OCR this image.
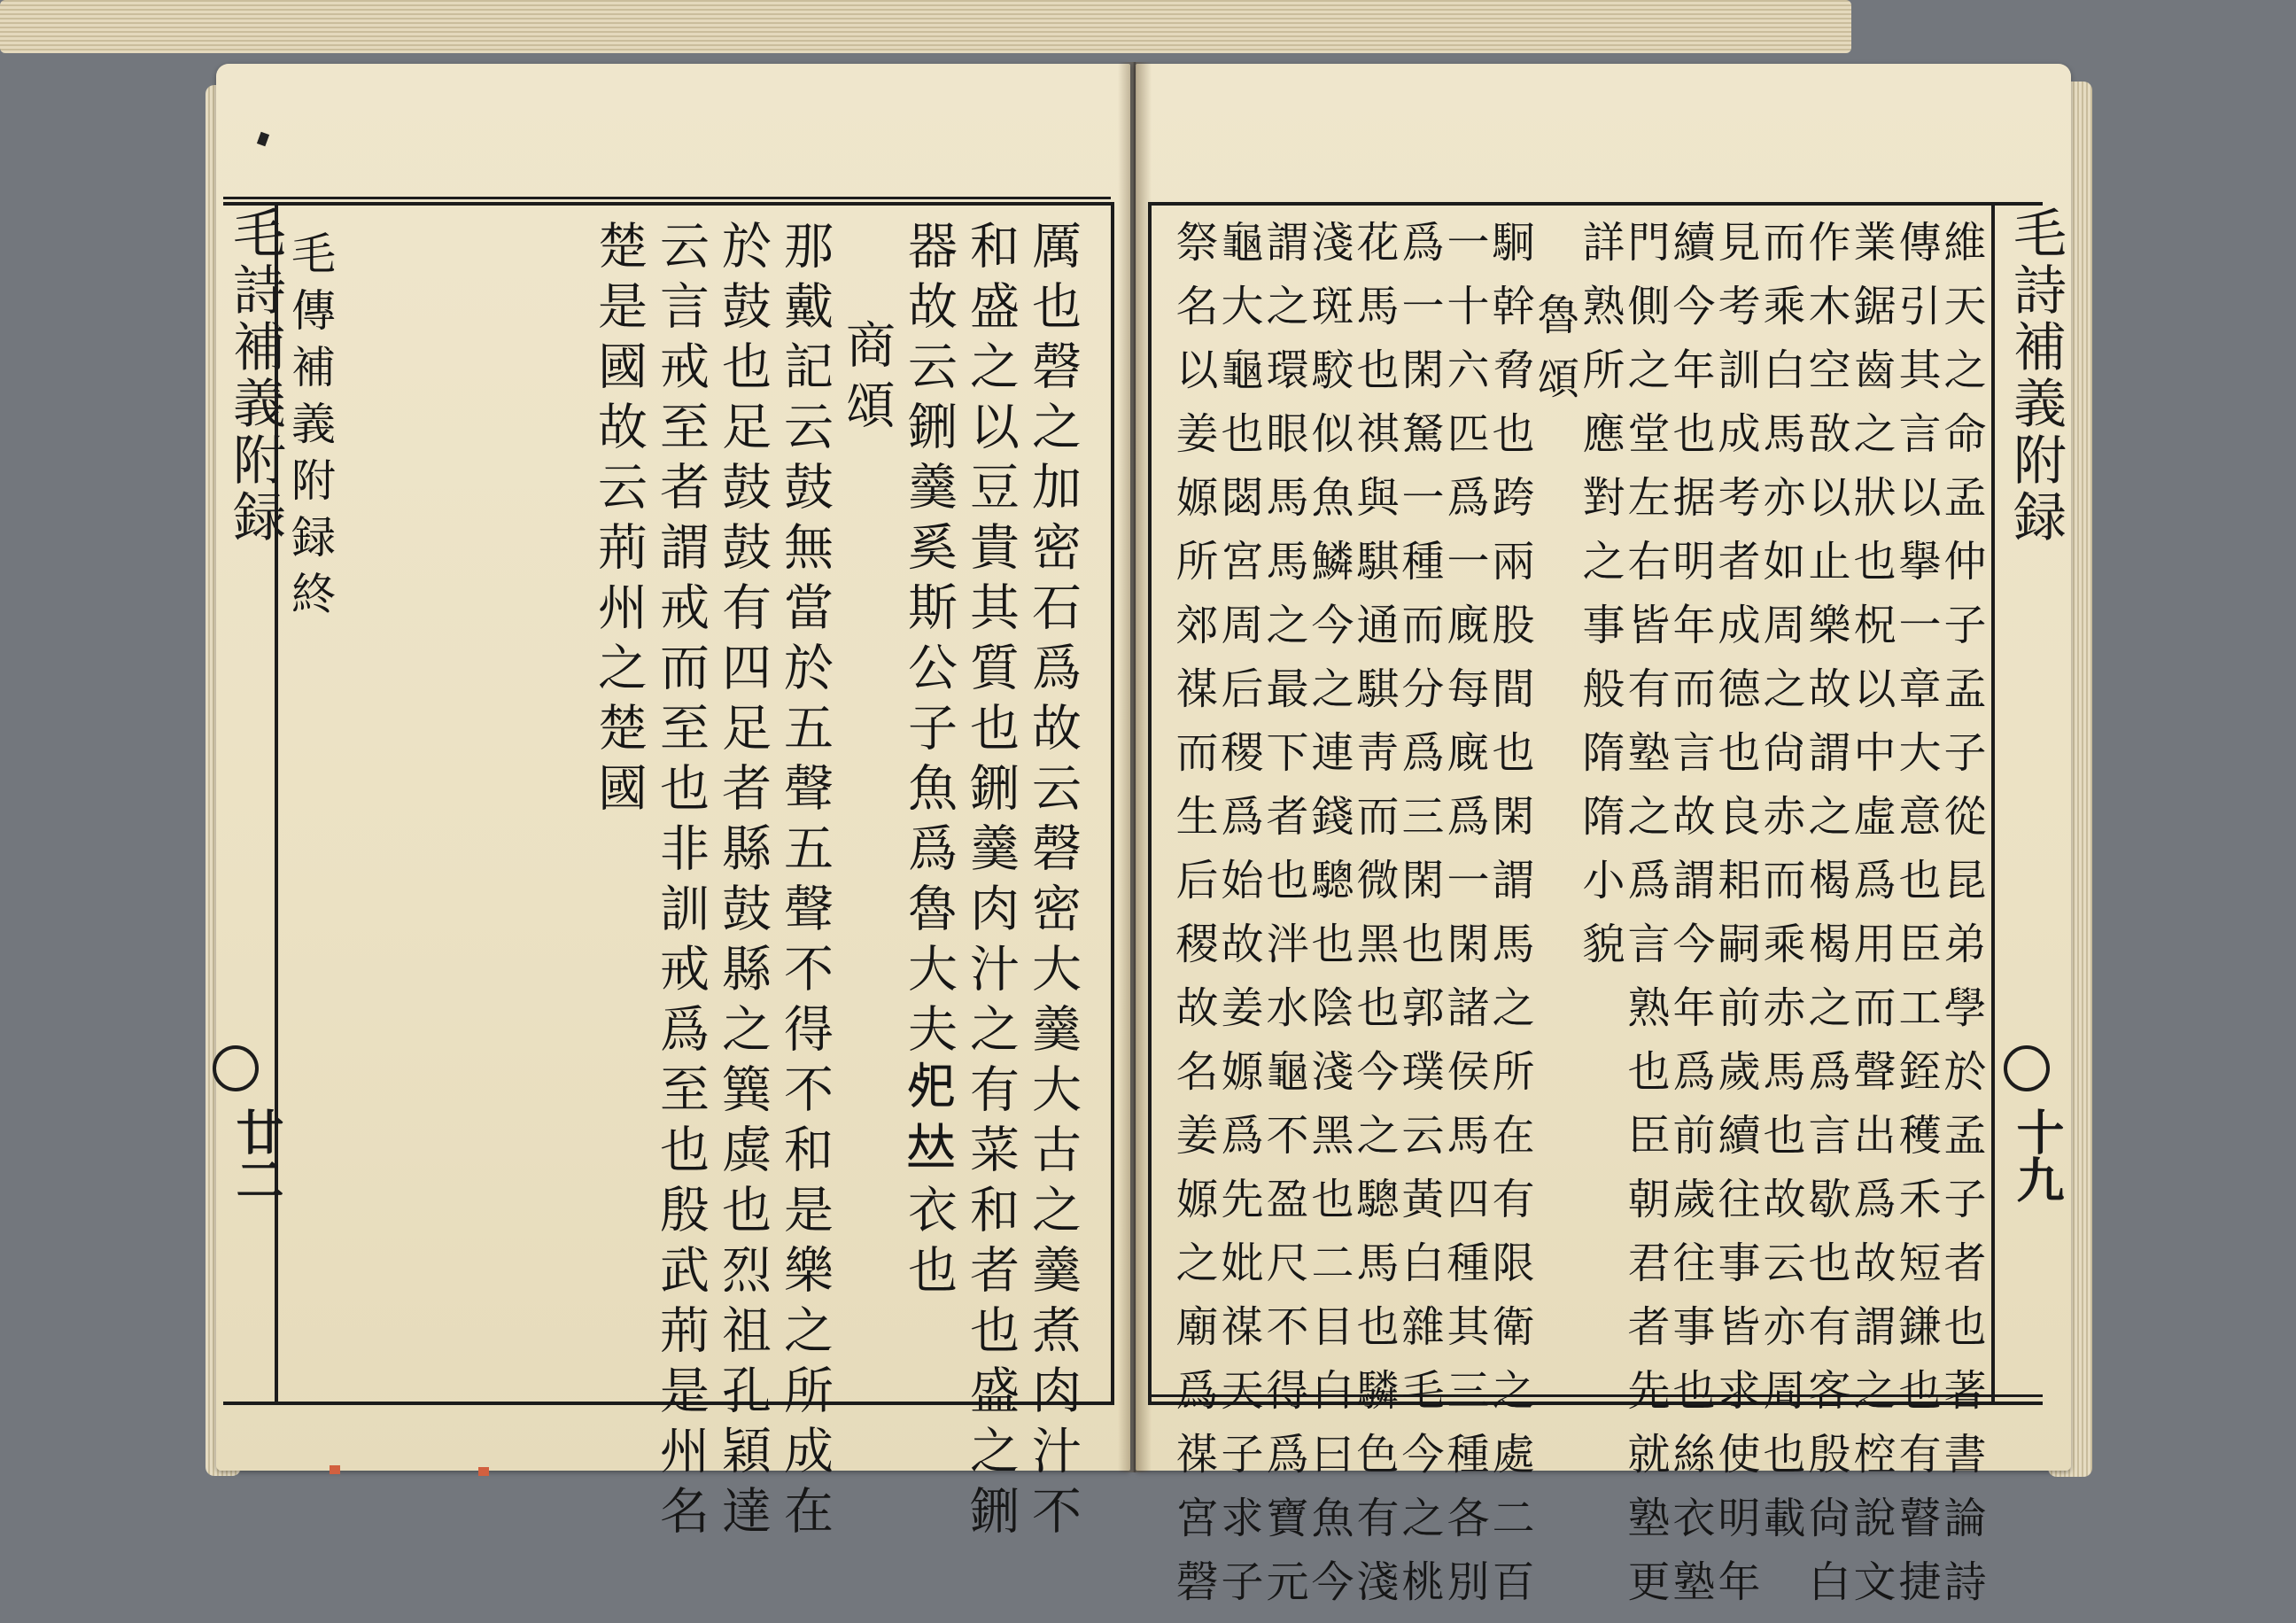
毛詩補義附録
廿二
毛詩補義附録
十九
厲也磬之加密石爲故云磬密大羹大古之羹煮肉汁不
和盛之以豆貴其質也鉶羹肉汁之有菜和者也盛之鉶
器故云鉶羹奚斯公子魚爲魯大夫𢀸𠀤衣也
商頌
那戴記云鼓無當於五聲五聲不得不和是樂之所成在
於鼓也足鼓鼓有四足者縣鼓縣之簨虡也烈祖孔穎達
云言戒至者謂戒而至也非訓戒爲至也殷武荊是州名
楚是國故云荊州之楚國
毛傳補義附録終	維天之命孟仲子孟子從昆弟學於孟子者也著書論詩
傳引其言以擧一章大意也臣工銍穫禾短鎌也有瞽捷
業鋸齒之狀也柷以中虛爲用而聲出爲故謂之椌說文
作木空敔以止樂故謂之楬楬之爲言歇也有客殷尙白
而乘白馬亦如周之尙赤而乘赤馬也故云亦周也載
見考訓成考者成德也良耜嗣前歲續往事皆求使明年
續今年也据明年而言故謂今年爲前歲往事也絲衣塾
門側之堂左右皆有塾之爲言熟也臣朝君者先就塾更
詳熟所應對之事般隋隋小貌
魯頌
駉幹脅也跨兩股間也閑謂馬之所在有限衛之處二百
一十六匹爲一廐每廐爲一閑諸侯馬四種其三種各別
爲一閑駑一種而分爲三閑也郭璞云黃白雜毛今之桃
花馬也祺與騏通騏靑而微黑也今之驄馬也驎色有淺
淺斑駮似魚鱗今之連錢驄也陰淺黑也二目白曰魚今
謂之環眼馬馬之最下者也泮水龜不盈尺不得爲寶元
龜大龜也閟宮周后稷爲始故姜嫄爲先妣禖天子求子
祭名以姜嫄所郊禖而生后稷故名姜嫄之廟爲禖宮磬
